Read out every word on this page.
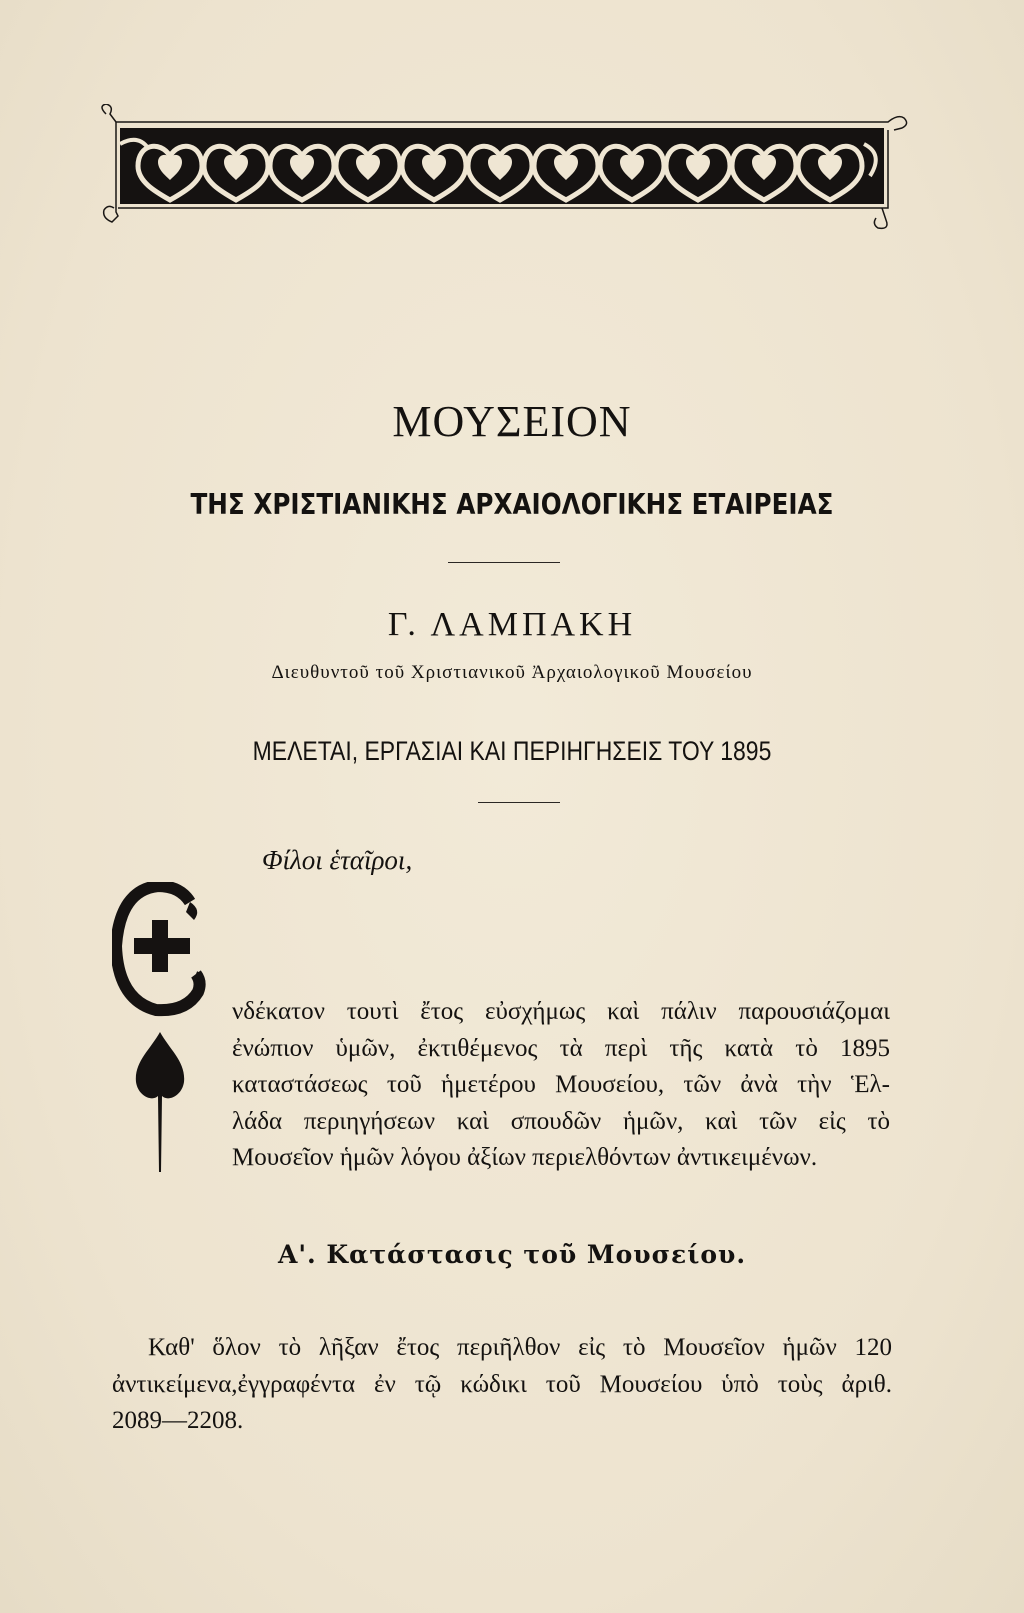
ΜΟΥΣΕΙΟΝ
ΤΗΣ ΧΡΙΣΤΙΑΝΙΚΗΣ ΑΡΧΑΙΟΛΟΓΙΚΗΣ ΕΤΑΙΡΕΙΑΣ
Γ. ΛΑΜΠΑΚΗ
Διευθυντοῦ τοῦ Χριστιανικοῦ Ἀρχαιολογικοῦ Μουσείου
ΜΕΛΕΤΑΙ, ΕΡΓΑΣΙΑΙ ΚΑΙ ΠΕΡΙΗΓΗΣΕΙΣ ΤΟΥ 1895
Φίλοι ἑταῖροι,
νδέκατον τουτὶ ἔτος εὐσχήμως καὶ πάλιν παρουσιάζομαι
ἐνώπιον ὑμῶν, ἐκτιθέμενος τὰ περὶ τῆς κατὰ τὸ 1895
καταστάσεως τοῦ ἡμετέρου Μουσείου, τῶν ἀνὰ τὴν Ἑλ-
λάδα περιηγήσεων καὶ σπουδῶν ἡμῶν, καὶ τῶν εἰς τὸ
Μουσεῖον ἡμῶν λόγου ἀξίων περιελθόντων ἀντικειμένων.
Α'. Κατάστασις τοῦ Μουσείου.
Καθ' ὅλον τὸ λῆξαν ἔτος περιῆλθον εἰς τὸ Μουσεῖον ἡμῶν 120
ἀντικείμενα,ἐγγραφέντα ἐν τῷ κώδικι τοῦ Μουσείου ὑπὸ τοὺς ἀριθ.
2089—2208.
